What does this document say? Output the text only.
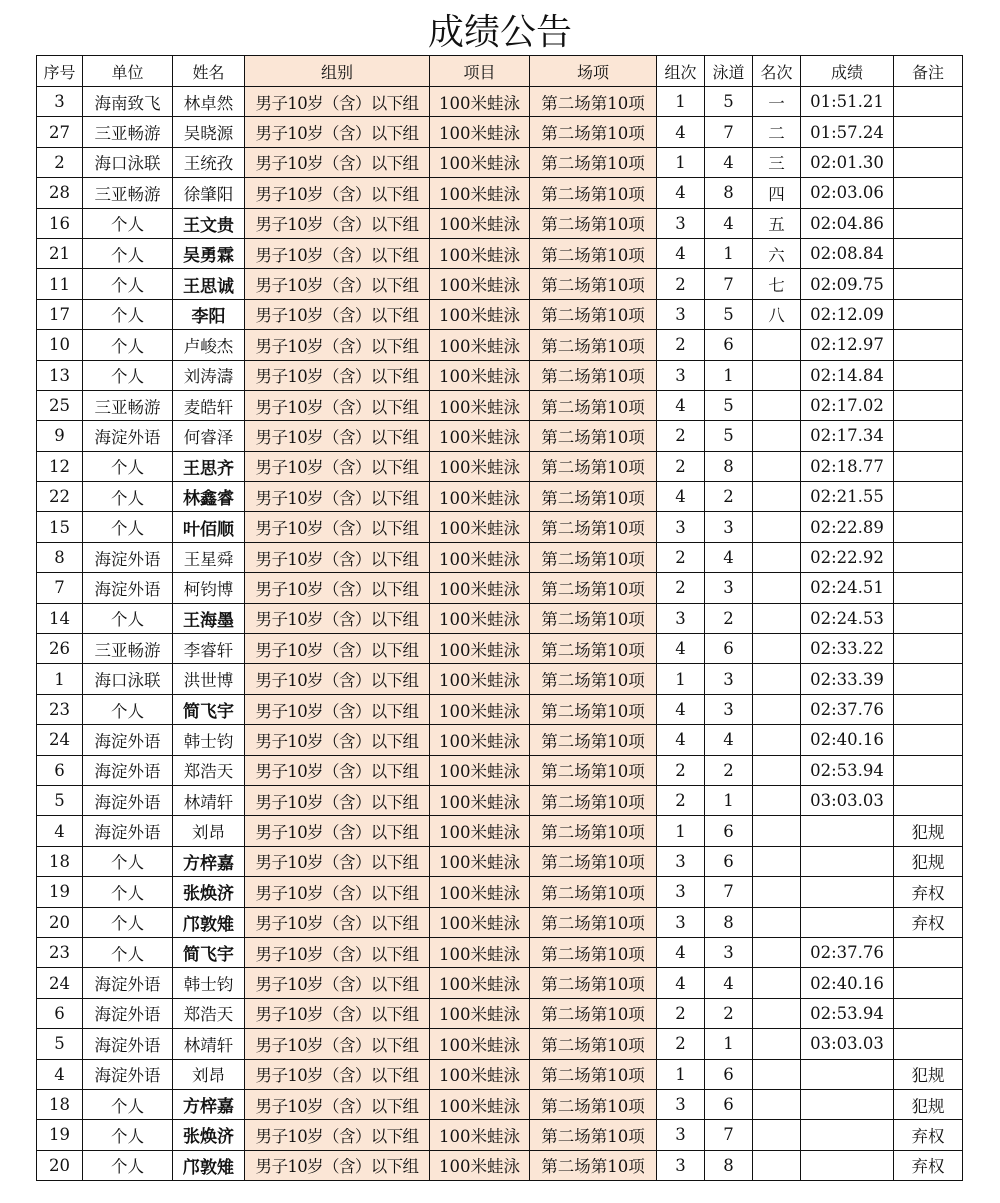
成绩公告
序号	单位	姓名	组别	项目	场项	组次	泳道	名次	成绩	备注
3	海南致飞	林卓然	男子10岁（含）以下组	100米蛙泳	第二场第10项	1	5	一	01:51.21	
27	三亚畅游	吴晓源	男子10岁（含）以下组	100米蛙泳	第二场第10项	4	7	二	01:57.24	
2	海口泳联	王统孜	男子10岁（含）以下组	100米蛙泳	第二场第10项	1	4	三	02:01.30	
28	三亚畅游	徐肇阳	男子10岁（含）以下组	100米蛙泳	第二场第10项	4	8	四	02:03.06	
16	个人	王文贵	男子10岁（含）以下组	100米蛙泳	第二场第10项	3	4	五	02:04.86	
21	个人	吴勇霖	男子10岁（含）以下组	100米蛙泳	第二场第10项	4	1	六	02:08.84	
11	个人	王思诚	男子10岁（含）以下组	100米蛙泳	第二场第10项	2	7	七	02:09.75	
17	个人	李阳	男子10岁（含）以下组	100米蛙泳	第二场第10项	3	5	八	02:12.09	
10	个人	卢峻杰	男子10岁（含）以下组	100米蛙泳	第二场第10项	2	6		02:12.97	
13	个人	刘涛濤	男子10岁（含）以下组	100米蛙泳	第二场第10项	3	1		02:14.84	
25	三亚畅游	麦皓轩	男子10岁（含）以下组	100米蛙泳	第二场第10项	4	5		02:17.02	
9	海淀外语	何睿泽	男子10岁（含）以下组	100米蛙泳	第二场第10项	2	5		02:17.34	
12	个人	王思齐	男子10岁（含）以下组	100米蛙泳	第二场第10项	2	8		02:18.77	
22	个人	林鑫睿	男子10岁（含）以下组	100米蛙泳	第二场第10项	4	2		02:21.55	
15	个人	叶佰顺	男子10岁（含）以下组	100米蛙泳	第二场第10项	3	3		02:22.89	
8	海淀外语	王星舜	男子10岁（含）以下组	100米蛙泳	第二场第10项	2	4		02:22.92	
7	海淀外语	柯钧博	男子10岁（含）以下组	100米蛙泳	第二场第10项	2	3		02:24.51	
14	个人	王海墨	男子10岁（含）以下组	100米蛙泳	第二场第10项	3	2		02:24.53	
26	三亚畅游	李睿轩	男子10岁（含）以下组	100米蛙泳	第二场第10项	4	6		02:33.22	
1	海口泳联	洪世博	男子10岁（含）以下组	100米蛙泳	第二场第10项	1	3		02:33.39	
23	个人	简飞宇	男子10岁（含）以下组	100米蛙泳	第二场第10项	4	3		02:37.76	
24	海淀外语	韩士钧	男子10岁（含）以下组	100米蛙泳	第二场第10项	4	4		02:40.16	
6	海淀外语	郑浩天	男子10岁（含）以下组	100米蛙泳	第二场第10项	2	2		02:53.94	
5	海淀外语	林靖轩	男子10岁（含）以下组	100米蛙泳	第二场第10项	2	1		03:03.03	
4	海淀外语	刘昂	男子10岁（含）以下组	100米蛙泳	第二场第10项	1	6			犯规
18	个人	方梓嘉	男子10岁（含）以下组	100米蛙泳	第二场第10项	3	6			犯规
19	个人	张焕济	男子10岁（含）以下组	100米蛙泳	第二场第10项	3	7			弃权
20	个人	邝敦雉	男子10岁（含）以下组	100米蛙泳	第二场第10项	3	8			弃权
23	个人	简飞宇	男子10岁（含）以下组	100米蛙泳	第二场第10项	4	3		02:37.76	
24	海淀外语	韩士钧	男子10岁（含）以下组	100米蛙泳	第二场第10项	4	4		02:40.16	
6	海淀外语	郑浩天	男子10岁（含）以下组	100米蛙泳	第二场第10项	2	2		02:53.94	
5	海淀外语	林靖轩	男子10岁（含）以下组	100米蛙泳	第二场第10项	2	1		03:03.03	
4	海淀外语	刘昂	男子10岁（含）以下组	100米蛙泳	第二场第10项	1	6			犯规
18	个人	方梓嘉	男子10岁（含）以下组	100米蛙泳	第二场第10项	3	6			犯规
19	个人	张焕济	男子10岁（含）以下组	100米蛙泳	第二场第10项	3	7			弃权
20	个人	邝敦雉	男子10岁（含）以下组	100米蛙泳	第二场第10项	3	8			弃权
